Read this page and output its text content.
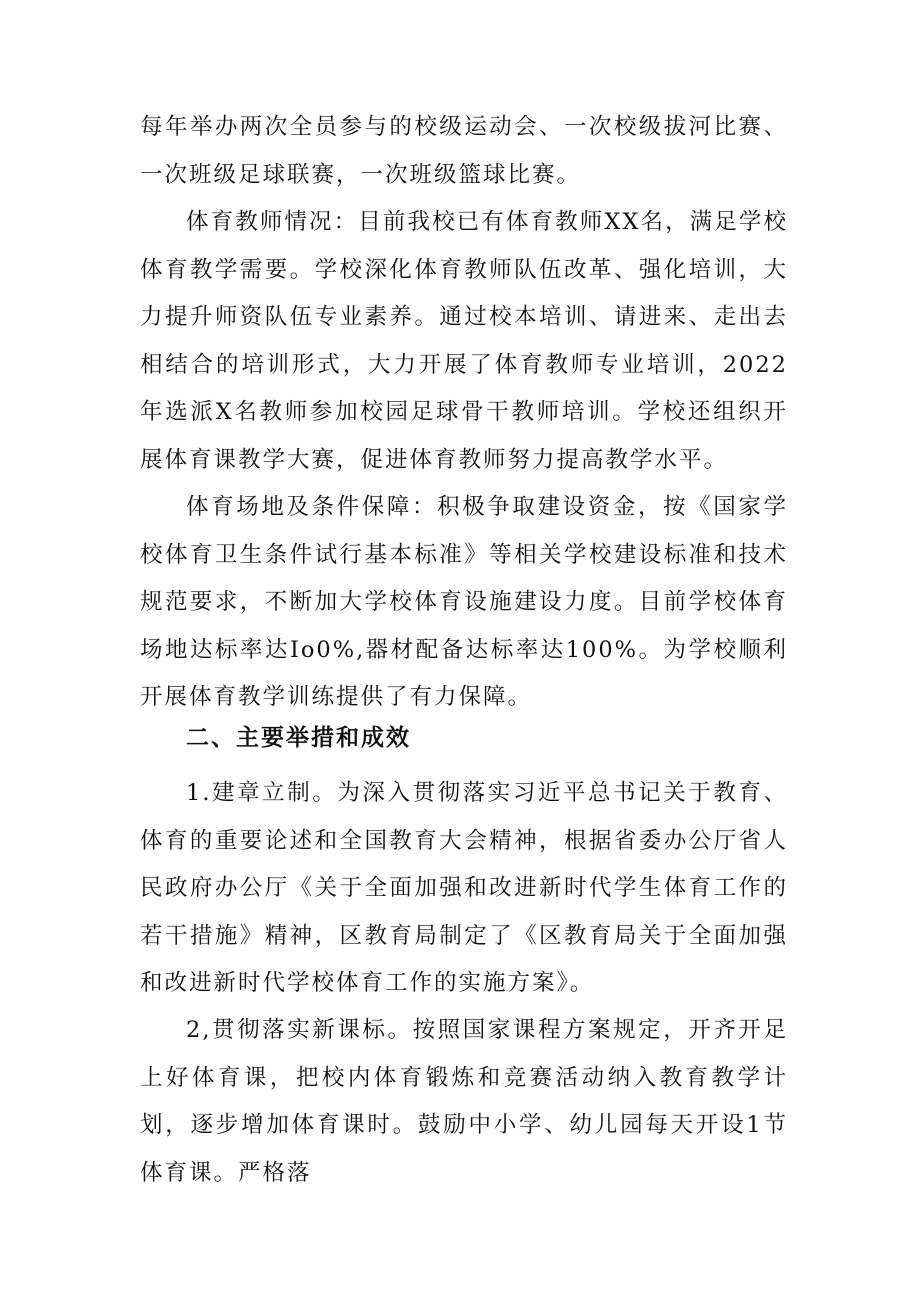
每年举办两次全员参与的校级运动会、一次校级拔河比赛、一次班级足球联赛，一次班级篮球比赛。

体育教师情况：目前我校已有体育教师XX名，满足学校体育教学需要。学校深化体育教师队伍改革、强化培训，大力提升师资队伍专业素养。通过校本培训、请进来、走出去相结合的培训形式，大力开展了体育教师专业培训，2022年选派X名教师参加校园足球骨干教师培训。学校还组织开展体育课教学大赛，促进体育教师努力提高教学水平。

体育场地及条件保障：积极争取建设资金，按《国家学校体育卫生条件试行基本标准》等相关学校建设标准和技术规范要求，不断加大学校体育设施建设力度。目前学校体育场地达标率达Io0%,器材配备达标率达100%。为学校顺利开展体育教学训练提供了有力保障。

二、主要举措和成效

1.建章立制。为深入贯彻落实习近平总书记关于教育、体育的重要论述和全国教育大会精神，根据省委办公厅省人民政府办公厅《关于全面加强和改进新时代学生体育工作的若干措施》精神，区教育局制定了《区教育局关于全面加强和改进新时代学校体育工作的实施方案》。

2,贯彻落实新课标。按照国家课程方案规定，开齐开足上好体育课，把校内体育锻炼和竞赛活动纳入教育教学计划，逐步增加体育课时。鼓励中小学、幼儿园每天开设1节体育课。严格落
